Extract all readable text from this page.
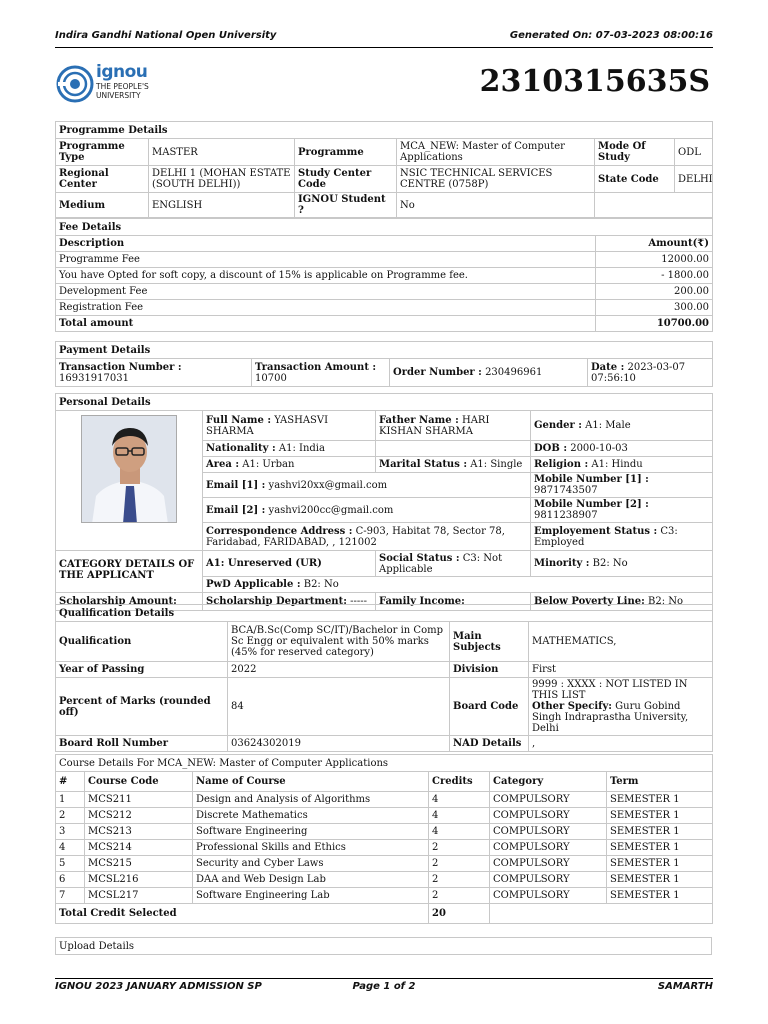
Indira Gandhi National Open University	Generated On: 07-03-2023 08:00:16
ignou
THE PEOPLE'S
UNIVERSITY	2310315635S
Programme Details					
Programme Type	MASTER	Programme	MCA_NEW: Master of Computer Applications	Mode Of Study	ODL
Regional Center	DELHI 1 (MOHAN ESTATE (SOUTH DELHI))	Study Center Code	NSIC TECHNICAL SERVICES CENTRE (0758P)	State Code	DELHI
Medium	ENGLISH	IGNOU Student ?	No		
Fee Details	
Description	Amount(₹)
Programme Fee	12000.00
You have Opted for soft copy, a discount of 15% is applicable on Programme fee.	- 1800.00
Development Fee	200.00
Registration Fee	300.00
Total amount	10700.00
Payment Details
Transaction Number : 16931917031	Transaction Amount : 10700	Order Number : 230496961	Date : 2023-03-07 07:56:10
Personal Details			

	Full Name : YASHASVI SHARMA	Father Name : HARI KISHAN SHARMA	Gender : A1: Male
	Nationality : A1: India		DOB : 2000-10-03
	Area : A1: Urban	Marital Status : A1: Single	Religion : A1: Hindu
	Email [1] : yashvi20xx@gmail.com		Mobile Number [1] : 9871743507
	Email [2] : yashvi200cc@gmail.com		Mobile Number [2] : 9811238907
	Correspondence Address : C-903, Habitat 78, Sector 78, Faridabad, FARIDABAD, , 121002		Employement Status : C3: Employed
CATEGORY DETAILS OF THE APPLICANT	A1: Unreserved (UR)	Social Status : C3: Not Applicable	Minority : B2: No
	PwD Applicable : B2: No		
Scholarship Amount:	Scholarship Department: -----	Family Income:	Below Poverty Line: B2: No
Qualification Details			
Qualification	BCA/B.Sc(Comp SC/IT)/Bachelor in Comp Sc Engg or equivalent with 50% marks (45% for reserved category)	Main Subjects	MATHEMATICS,
Year of Passing	2022	Division	First
Percent of Marks (rounded off)	84	Board Code	9999 : XXXX : NOT LISTED IN THIS LIST
Other Specify: Guru Gobind Singh Indraprastha University, Delhi

Board Roll Number	03624302019	NAD Details	,
Course Details For MCA_NEW: Master of Computer Applications					
#	Course Code	Name of Course	Credits	Category	Term
1	MCS211	Design and Analysis of Algorithms	4	COMPULSORY	SEMESTER 1
2	MCS212	Discrete Mathematics	4	COMPULSORY	SEMESTER 1
3	MCS213	Software Engineering	4	COMPULSORY	SEMESTER 1
4	MCS214	Professional Skills and Ethics	2	COMPULSORY	SEMESTER 1
5	MCS215	Security and Cyber Laws	2	COMPULSORY	SEMESTER 1
6	MCSL216	DAA and Web Design Lab	2	COMPULSORY	SEMESTER 1
7	MCSL217	Software Engineering Lab	2	COMPULSORY	SEMESTER 1
Total Credit Selected			20		
Upload Details
IGNOU 2023 JANUARY ADMISSION SP	Page 1 of 2	SAMARTH
